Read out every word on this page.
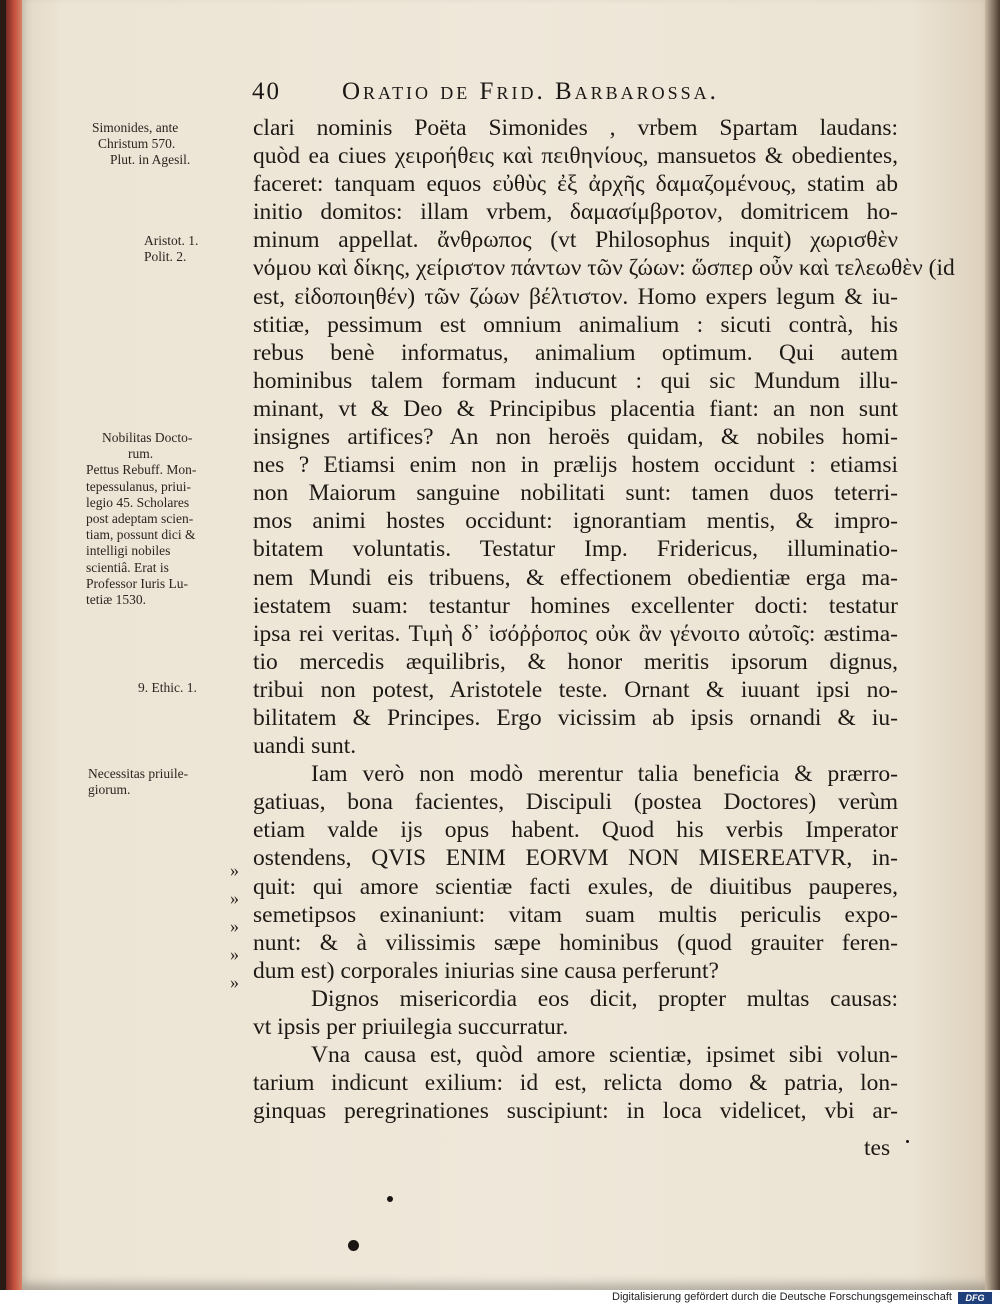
40 Oratio de Frid. Barbarossa.
Simonides, ante
Christum 570.
Plut. in Agesil.
Aristot. 1.
Polit. 2.
Nobilitas Docto-
rum.
Pettus Rebuff. Mon-
tepessulanus, priui-
legio 45. Scholares
post adeptam scien-
tiam, possunt dici &
intelligi nobiles
scientiâ. Erat is
Professor Iuris Lu-
tetiæ 1530.
9. Ethic. 1.
Necessitas priuile-
giorum.
»
»
»
»
»
clari nominis Poëta Simonides , vrbem Spartam laudans:
quòd ea ciues χειροήθεις καὶ πειθηνίους, mansuetos & obedientes,
faceret: tanquam equos εὐθὺς ἐξ ἀρχῆς δαμαζομένους, statim ab
initio domitos: illam vrbem, δαμασίμβροτον, domitricem ho-
minum appellat. ἄνθρωπος (vt Philosophus inquit) χωρισθὲν
νόμου καὶ δίκης, χείριστον πάντων τῶν ζώων: ὥσπερ οὖν καὶ τελεωθὲν (id
est, εἰδοποιηθέν) τῶν ζώων βέλτιστον. Homo expers legum & iu-
stitiæ, pessimum est omnium animalium : sicuti contrà, his
rebus benè informatus, animalium optimum. Qui autem
hominibus talem formam inducunt : qui sic Mundum illu-
minant, vt & Deo & Principibus placentia fiant: an non sunt
insignes artifices? An non heroës quidam, & nobiles homi-
nes ? Etiamsi enim non in prælijs hostem occidunt : etiamsi
non Maiorum sanguine nobilitati sunt: tamen duos teterri-
mos animi hostes occidunt: ignorantiam mentis, & impro-
bitatem voluntatis. Testatur Imp. Fridericus, illuminatio-
nem Mundi eis tribuens, & effectionem obedientiæ erga ma-
iestatem suam: testantur homines excellenter docti: testatur
ipsa rei veritas. Τιμὴ δ᾽ ἰσόῤῥοπος οὐκ ἂν γένοιτο αὐτοῖς: æstima-
tio mercedis æquilibris, & honor meritis ipsorum dignus,
tribui non potest, Aristotele teste. Ornant & iuuant ipsi no-
bilitatem & Principes. Ergo vicissim ab ipsis ornandi & iu-
uandi sunt.
Iam verò non modò merentur talia beneficia & prærro-
gatiuas, bona facientes, Discipuli (postea Doctores) verùm
etiam valde ijs opus habent. Quod his verbis Imperator
ostendens, QVIS ENIM EORVM NON MISEREATVR, in-
quit: qui amore scientiæ facti exules, de diuitibus pauperes,
semetipsos exinaniunt: vitam suam multis periculis expo-
nunt: & à vilissimis sæpe hominibus (quod grauiter feren-
dum est) corporales iniurias sine causa perferunt?
Dignos misericordia eos dicit, propter multas causas:
vt ipsis per priuilegia succurratur.
Vna causa est, quòd amore scientiæ, ipsimet sibi volun-
tarium indicunt exilium: id est, relicta domo & patria, lon-
ginquas peregrinationes suscipiunt: in loca videlicet, vbi ar-
tes
Digitalisierung gefördert durch die Deutsche Forschungsgemeinschaft	DFG
